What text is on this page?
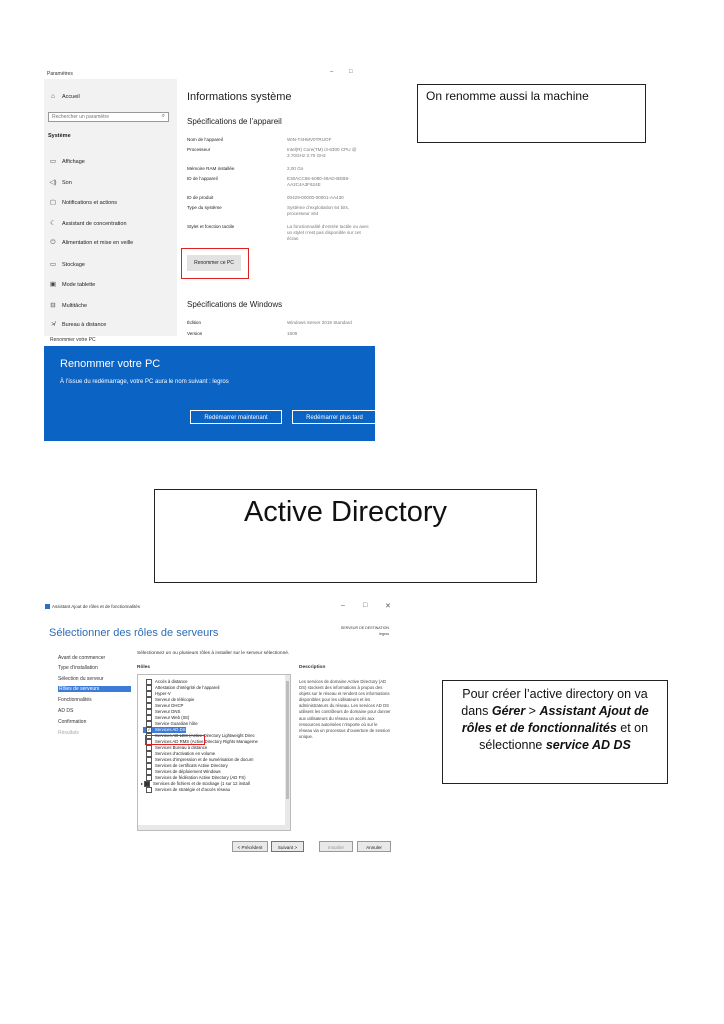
Paramètres	–	□
⌂ Accueil
Rechercher un paramètre	⌕
Système
▭ Affichage
◁) Son
▢ Notifications et actions
☾ Assistant de concentration
⏻ Alimentation et mise en veille
▭ Stockage
▣ Mode tablette
⊟ Multitâche
≯ Bureau à distance
Informations système
Spécifications de l’appareil
Nom de l’appareil	WIN-T4HMV0TRUOF
Processeur	Intel(R) Core(TM) i3-6300 CPU @ 3.70GHz 3.70 GHz
Mémoire RAM installée	2,00 Go
ID de l’appareil	E30ACC66-5080-49AD-BEB8-AA2C4A3F624E
ID de produit	00429-00000-00001-AA430
Type du système	Système d’exploitation 64 bits, processeur x64
Stylet et fonction tactile	La fonctionnalité d’entrée tactile ou avec un stylet n’est pas disponible sur cet écran
Renommer ce PC
Spécifications de Windows
Édition	Windows Server 2019 Standard
Version	1809
Renommer votre PC
Renommer votre PC
À l’issue du redémarrage, votre PC aura le nom suivant : legros
Redémarrer maintenant	Redémarrer plus tard
On renomme aussi la machine
Active Directory
Pour créer l’active directory on va dans Gérer > Assistant Ajout de rôles et de fonctionnalités et on sélectionne service AD DS
Assistant Ajout de rôles et de fonctionnalités	–	□	✕
Sélectionner des rôles de serveurs	SERVEUR DE DESTINATION
legros
Avant de commencer
Type d’installation
Sélection du serveur
Rôles de serveurs
Fonctionnalités
AD DS
Confirmation
Résultats
Sélectionnez un ou plusieurs rôles à installer sur le serveur sélectionné.
Rôles	Description
Accès à distance
Attestation d’intégrité de l’appareil
Hyper-V
Serveur de télécopie
Serveur DHCP
Serveur DNS
Serveur Web (IIS)
Service Guardian hôte
✓ Services AD DS
Services AD LDS (Active Directory Lightweight Direc
Services AD RMS (Active Directory Rights Manageme
Services Bureau à distance
Services d’activation en volume
Services d’impression et de numérisation de docum
Services de certificats Active Directory
Services de déploiement Windows
Services de fédération Active Directory (AD FS)
▸ Services de fichiers et de stockage (1 sur 12 install
Services de stratégie et d’accès réseau
Les services de domaine Active Directory (AD DS) stockent des informations à propos des objets sur le réseau et rendent ces informations disponibles pour les utilisateurs et les administrateurs du réseau. Les services AD DS utilisent les contrôleurs de domaine pour donner aux utilisateurs du réseau un accès aux ressources autorisées n’importe où sur le réseau via un processus d’ouverture de session unique.
< Précédent	Suivant >	Installer	Annuler
